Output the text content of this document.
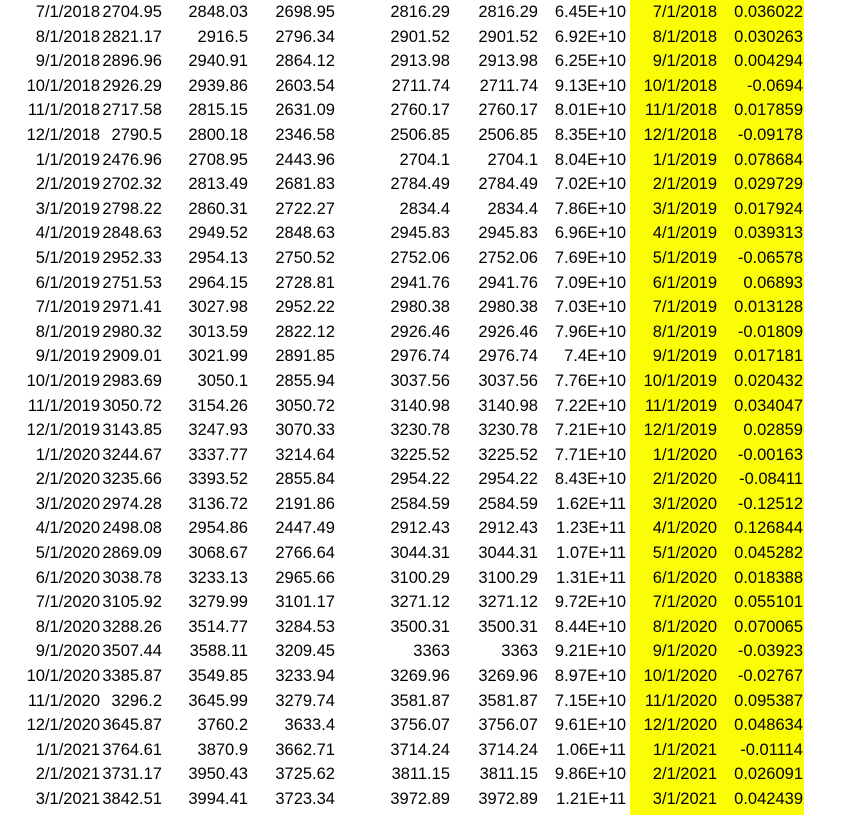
7/1/2018 2704.95	2848.03	2698.95	2816.29	2816.29	6.45E+10	7/1/2018	0.036022
8/1/2018 2821.17	2916.5	2796.34	2901.52	2901.52	6.92E+10	8/1/2018	0.030263
9/1/2018 2896.96	2940.91	2864.12	2913.98	2913.98	6.25E+10	9/1/2018	0.004294
10/1/2018 2926.29	2939.86	2603.54	2711.74	2711.74	9.13E+10	10/1/2018	-0.0694
11/1/2018 2717.58	2815.15	2631.09	2760.17	2760.17	8.01E+10	11/1/2018	0.017859
12/1/2018 2790.5	2800.18	2346.58	2506.85	2506.85	8.35E+10	12/1/2018	-0.09178
1/1/2019 2476.96	2708.95	2443.96	2704.1	2704.1	8.04E+10	1/1/2019	0.078684
2/1/2019 2702.32	2813.49	2681.83	2784.49	2784.49	7.02E+10	2/1/2019	0.029729
3/1/2019 2798.22	2860.31	2722.27	2834.4	2834.4	7.86E+10	3/1/2019	0.017924
4/1/2019 2848.63	2949.52	2848.63	2945.83	2945.83	6.96E+10	4/1/2019	0.039313
5/1/2019 2952.33	2954.13	2750.52	2752.06	2752.06	7.69E+10	5/1/2019	-0.06578
6/1/2019 2751.53	2964.15	2728.81	2941.76	2941.76	7.09E+10	6/1/2019	0.06893
7/1/2019 2971.41	3027.98	2952.22	2980.38	2980.38	7.03E+10	7/1/2019	0.013128
8/1/2019 2980.32	3013.59	2822.12	2926.46	2926.46	7.96E+10	8/1/2019	-0.01809
9/1/2019 2909.01	3021.99	2891.85	2976.74	2976.74	7.4E+10	9/1/2019	0.017181
10/1/2019 2983.69	3050.1	2855.94	3037.56	3037.56	7.76E+10	10/1/2019	0.020432
11/1/2019 3050.72	3154.26	3050.72	3140.98	3140.98	7.22E+10	11/1/2019	0.034047
12/1/2019 3143.85	3247.93	3070.33	3230.78	3230.78	7.21E+10	12/1/2019	0.02859
1/1/2020 3244.67	3337.77	3214.64	3225.52	3225.52	7.71E+10	1/1/2020	-0.00163
2/1/2020 3235.66	3393.52	2855.84	2954.22	2954.22	8.43E+10	2/1/2020	-0.08411
3/1/2020 2974.28	3136.72	2191.86	2584.59	2584.59	1.62E+11	3/1/2020	-0.12512
4/1/2020 2498.08	2954.86	2447.49	2912.43	2912.43	1.23E+11	4/1/2020	0.126844
5/1/2020 2869.09	3068.67	2766.64	3044.31	3044.31	1.07E+11	5/1/2020	0.045282
6/1/2020 3038.78	3233.13	2965.66	3100.29	3100.29	1.31E+11	6/1/2020	0.018388
7/1/2020 3105.92	3279.99	3101.17	3271.12	3271.12	9.72E+10	7/1/2020	0.055101
8/1/2020 3288.26	3514.77	3284.53	3500.31	3500.31	8.44E+10	8/1/2020	0.070065
9/1/2020 3507.44	3588.11	3209.45	3363	3363	9.21E+10	9/1/2020	-0.03923
10/1/2020 3385.87	3549.85	3233.94	3269.96	3269.96	8.97E+10	10/1/2020	-0.02767
11/1/2020 3296.2	3645.99	3279.74	3581.87	3581.87	7.15E+10	11/1/2020	0.095387
12/1/2020 3645.87	3760.2	3633.4	3756.07	3756.07	9.61E+10	12/1/2020	0.048634
1/1/2021 3764.61	3870.9	3662.71	3714.24	3714.24	1.06E+11	1/1/2021	-0.01114
2/1/2021 3731.17	3950.43	3725.62	3811.15	3811.15	9.86E+10	2/1/2021	0.026091
3/1/2021 3842.51	3994.41	3723.34	3972.89	3972.89	1.21E+11	3/1/2021	0.042439
